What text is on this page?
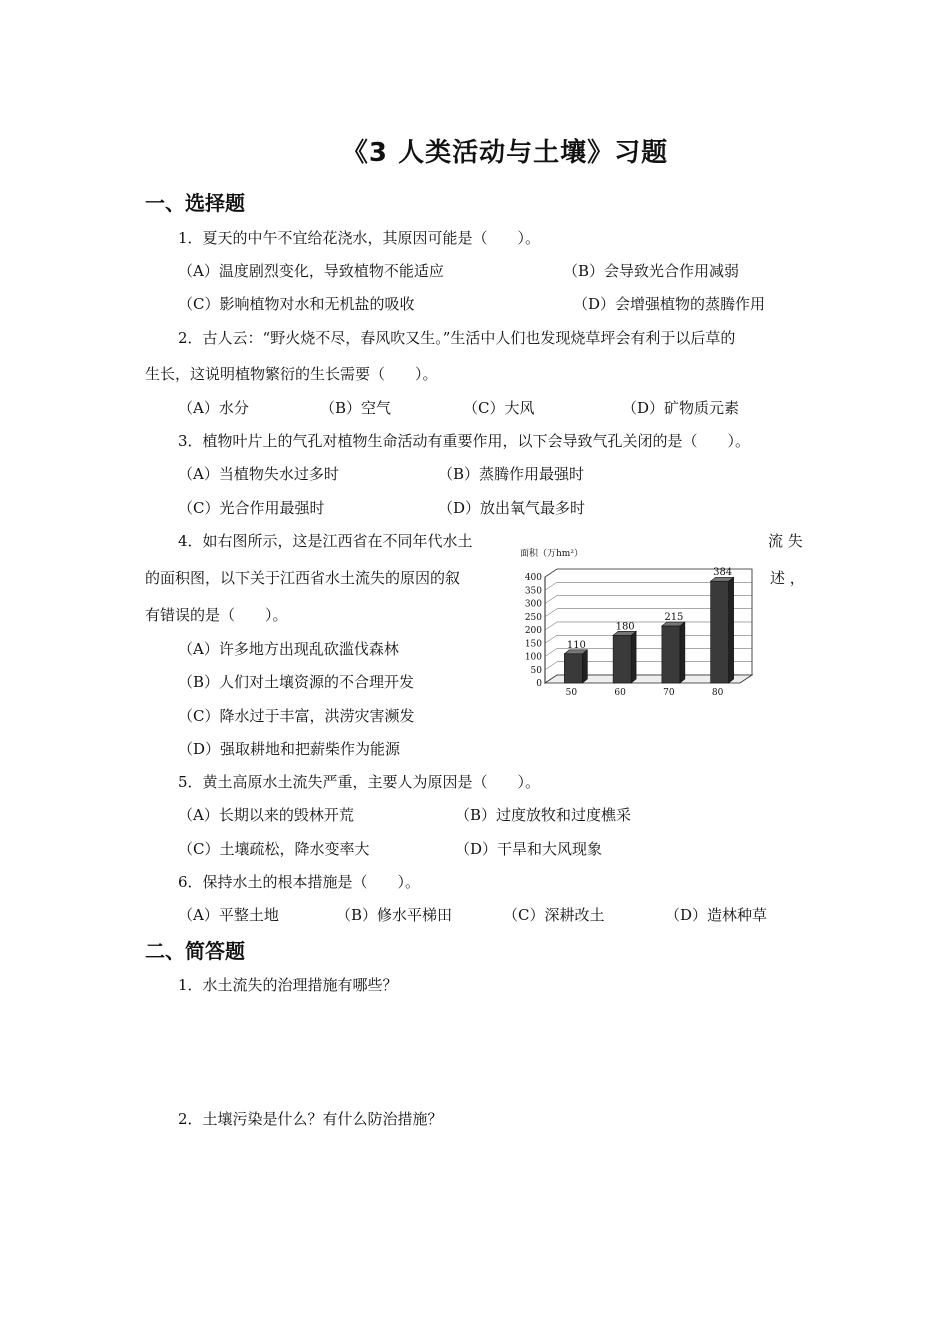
《3 人类活动与土壤》习题
一、选择题
1．夏天的中午不宜给花浇水，其原因可能是（　　）。
（A）温度剧烈变化，导致植物不能适应	（B）会导致光合作用减弱
（C）影响植物对水和无机盐的吸收	（D）会增强植物的蒸腾作用
2．古人云：“野火烧不尽，春风吹又生。”生活中人们也发现烧草坪会有利于以后草的
生长，这说明植物繁衍的生长需要（　　）。
（A）水分	（B）空气	（C）大风	（D）矿物质元素
3．植物叶片上的气孔对植物生命活动有重要作用，以下会导致气孔关闭的是（　　）。
（A）当植物失水过多时	（B）蒸腾作用最强时
（C）光合作用最强时	（D）放出氧气最多时
4．如右图所示，这是江西省在不同年代水土	流 失
的面积图，以下关于江西省水土流失的原因的叙	述 ，
有错误的是（　　）。
（A）许多地方出现乱砍滥伐森林
（B）人们对土壤资源的不合理开发
（C）降水过于丰富，洪涝灾害濒发
（D）强取耕地和把薪柴作为能源
面积（万hm²）
0
50
100
150
200
250
300
350
400
110
180
215
384
50	60	70	80
5．黄土高原水土流失严重，主要人为原因是（　　）。
（A）长期以来的毁林开荒	（B）过度放牧和过度樵采
（C）土壤疏松，降水变率大	（D）干旱和大风现象
6．保持水土的根本措施是（　　）。
（A）平整土地	（B）修水平梯田	（C）深耕改土	（D）造林种草
二、简答题
1．水土流失的治理措施有哪些？
2．土壤污染是什么？有什么防治措施？
